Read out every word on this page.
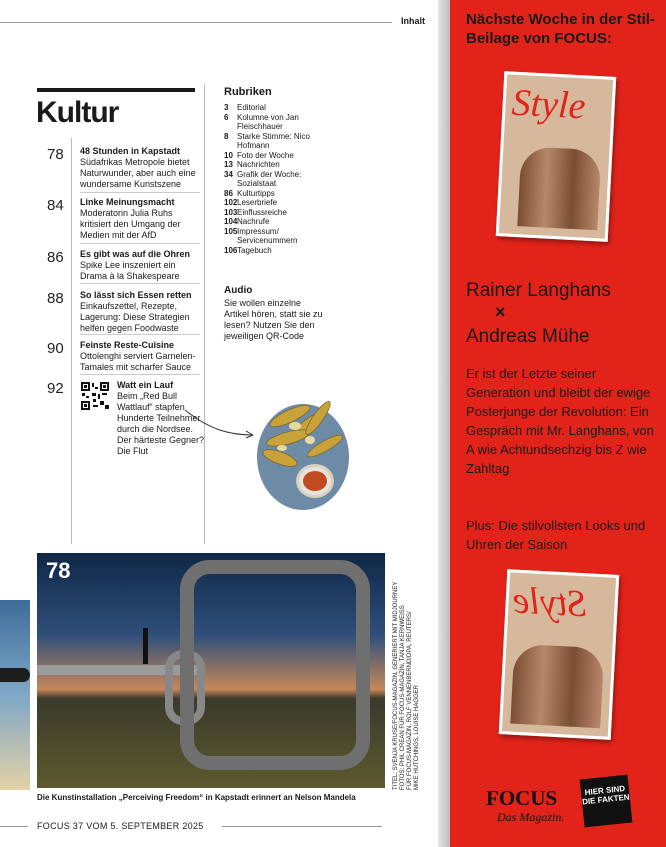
Inhalt
Kultur
78 48 Stunden in Kapstadt
Südafrikas Metropole bietet Naturwunder, aber auch eine wundersame Kunstszene
84 Linke Meinungsmacht
Moderatorin Julia Ruhs kritisiert den Umgang der Medien mit der AfD
86 Es gibt was auf die Ohren
Spike Lee inszeniert ein Drama à la Shakespeare
88 So lässt sich Essen retten
Einkaufszettel, Rezepte, Lagerung: Diese Strategien helfen gegen Foodwaste
90 Feinste Reste-Cuisine
Ottolenghi serviert Garnelen-Tamales mit scharfer Sauce
92	Watt ein Lauf
Beim „Red Bull Wattlauf“ stapfen Hunderte Teilnehmer durch die Nordsee. Der härteste Gegner? Die Flut
Rubriken
3	Editorial
6	Kolumne von Jan Fleischhauer
8	Starke Stimme: Nico Hofmann
10 Foto der Woche
13 Nachrichten
34 Grafik der Woche: Sozialstaat
86 Kulturtipps
102 Leserbriefe
103 Einflussreiche
104 Nachrufe
105 Impressum/ Servicenummern
106 Tagebuch
Audio
Sie wollen einzelne Artikel hören, statt sie zu lesen? Nutzen Sie den jeweiligen QR-Code
78
Die Kunstinstallation „Perceiving Freedom“ in Kapstadt erinnert an Nelson Mandela
TITEL: SVENJA KRUSE/FOCUS-MAGAZIN, GENERIERT MIT MIDJOURNEY
FOTOS: PHIL CREAN FÜR FOCUS-MAGAZIN, TANJA KERNWEISS
FÜR FOCUS-MAGAZIN, ROLF VENNENBERND/DPA, REUTERS/
MIKE HUTCHINGS, LOUISE HAGGER
FOCUS 37 VOM 5. SEPTEMBER 2025
Nächste Woche in der Stil-Beilage von FOCUS:
Style
Rainer Langhans
×
Andreas Mühe
Er ist der Letzte seiner Generation und bleibt der ewige Posterjunge der Revolution: Ein Gespräch mit Mr. Langhans, von A wie Achtundsechzig bis Z wie Zahltag
Plus: Die stilvollsten Looks und Uhren der Saison
Style
FOCUS
Das Magazin.
HIER SIND DIE FAKTEN
